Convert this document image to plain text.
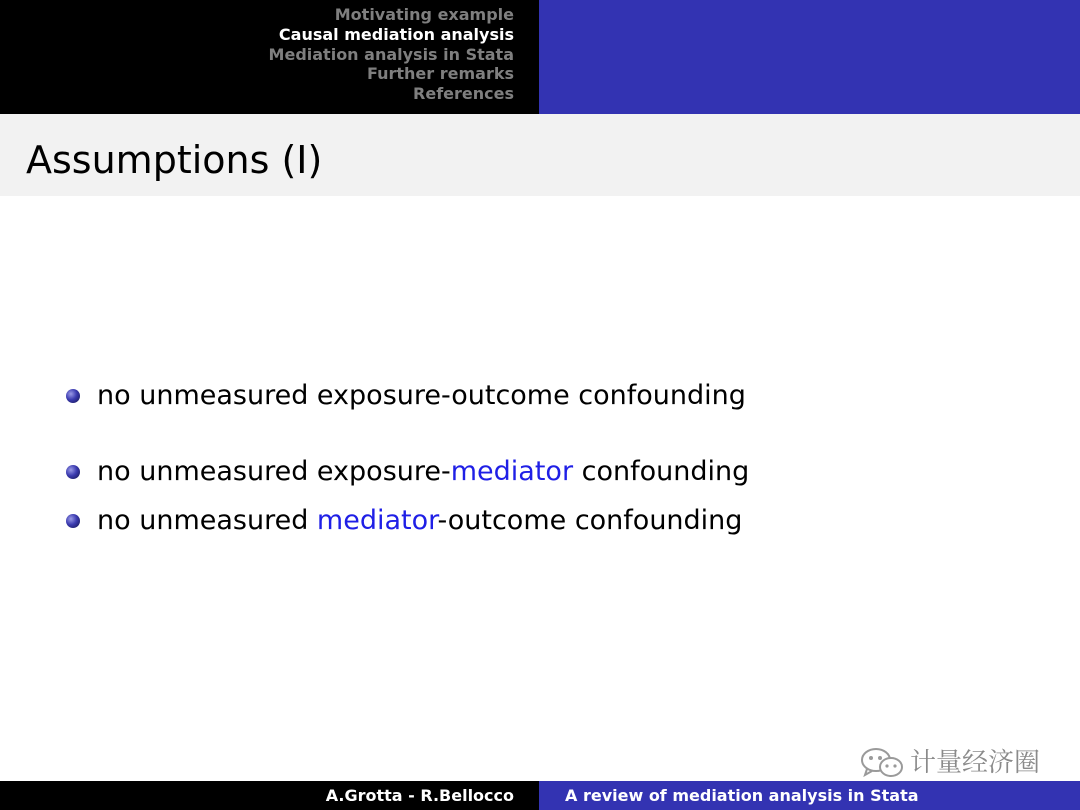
Motivating example
Causal mediation analysis
Mediation analysis in Stata
Further remarks
References
Assumptions (I)
no unmeasured exposure-outcome confounding
no unmeasured exposure-mediator confounding
no unmeasured mediator-outcome confounding
计量经济圈
A.Grotta - R.Bellocco	A review of mediation analysis in Stata
